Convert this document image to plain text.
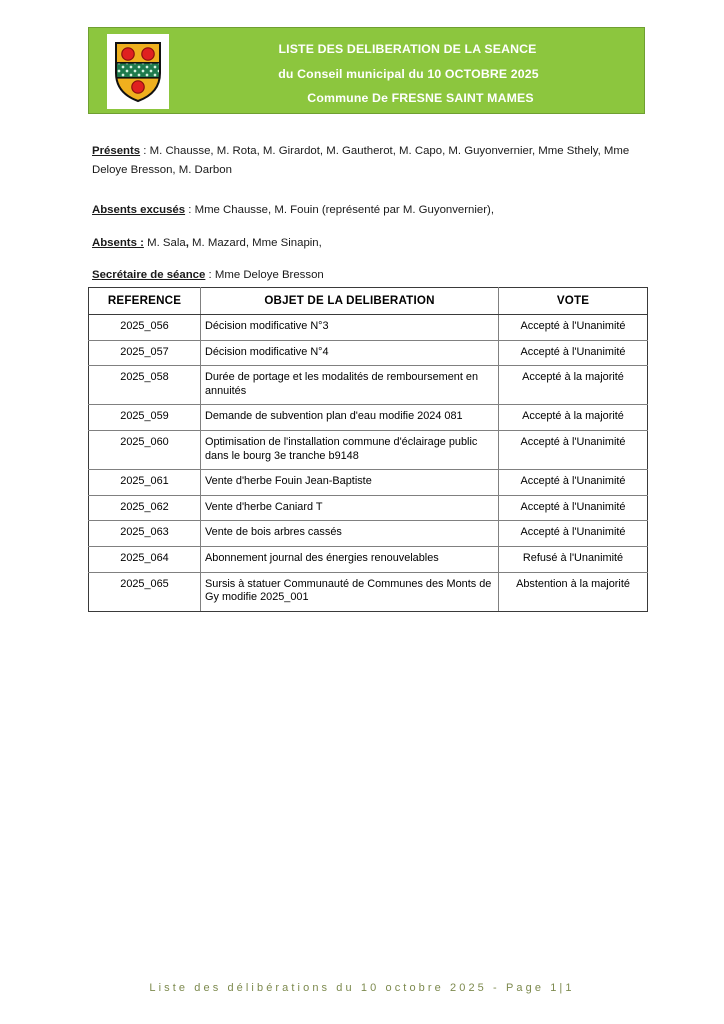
LISTE DES DELIBERATION DE LA SEANCE
du Conseil municipal du 10 OCTOBRE 2025
Commune De FRESNE SAINT MAMES

Présents : M. Chausse, M. Rota, M. Girardot, M. Gautherot, M. Capo, M. Guyonvernier, Mme Sthely, Mme Deloye Bresson, M. Darbon

Absents excusés : Mme Chausse, M. Fouin (représenté par M. Guyonvernier),

Absents : M. Sala, M. Mazard, Mme Sinapin,

Secrétaire de séance : Mme Deloye Bresson

REFERENCE	OBJET DE LA DELIBERATION	VOTE
2025_056	Décision modificative N°3	Accepté à l'Unanimité
2025_057	Décision modificative N°4	Accepté à l'Unanimité
2025_058	Durée de portage et les modalités de remboursement en annuités	Accepté à la majorité
2025_059	Demande de subvention plan d'eau modifie 2024 081	Accepté à la majorité
2025_060	Optimisation de l'installation commune d'éclairage public dans le bourg 3e tranche b9148	Accepté à l'Unanimité
2025_061	Vente d'herbe Fouin Jean-Baptiste	Accepté à l'Unanimité
2025_062	Vente d'herbe Caniard T	Accepté à l'Unanimité
2025_063	Vente de bois arbres cassés	Accepté à l'Unanimité
2025_064	Abonnement journal des énergies renouvelables	Refusé à l'Unanimité
2025_065	Sursis à statuer Communauté de Communes des Monts de Gy modifie 2025_001	Abstention à la majorité
Liste des délibérations du 10 octobre 2025 - Page 1|1
